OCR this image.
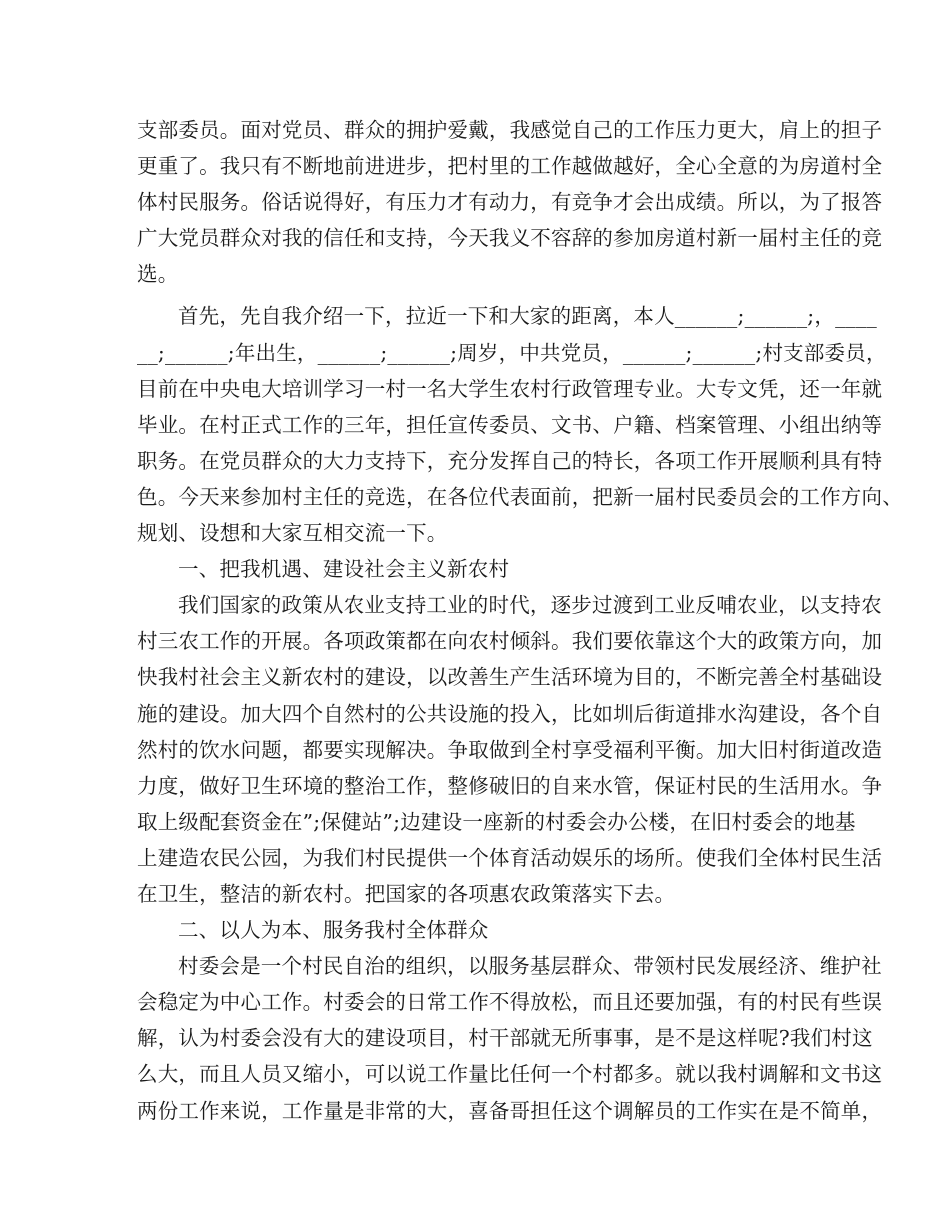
支部委员。面对党员、群众的拥护爱戴，我感觉自己的工作压力更大，肩上的担子
更重了。我只有不断地前进进步，把村里的工作越做越好，全心全意的为房道村全
体村民服务。俗话说得好，有压力才有动力，有竞争才会出成绩。所以，为了报答
广大党员群众对我的信任和支持，今天我义不容辞的参加房道村新一届村主任的竞
选。
首先，先自我介绍一下，拉近一下和大家的距离，本人______;______;，____
__;______;年出生，______;______;周岁，中共党员，______;______;村支部委员，
目前在中央电大培训学习一村一名大学生农村行政管理专业。大专文凭，还一年就
毕业。在村正式工作的三年，担任宣传委员、文书、户籍、档案管理、小组出纳等
职务。在党员群众的大力支持下，充分发挥自己的特长，各项工作开展顺利具有特
色。今天来参加村主任的竞选，在各位代表面前，把新一届村民委员会的工作方向、
规划、设想和大家互相交流一下。
一、把我机遇、建设社会主义新农村
我们国家的政策从农业支持工业的时代，逐步过渡到工业反哺农业，以支持农
村三农工作的开展。各项政策都在向农村倾斜。我们要依靠这个大的政策方向，加
快我村社会主义新农村的建设，以改善生产生活环境为目的，不断完善全村基础设
施的建设。加大四个自然村的公共设施的投入，比如圳后街道排水沟建设，各个自
然村的饮水问题，都要实现解决。争取做到全村享受福利平衡。加大旧村街道改造
力度，做好卫生环境的整治工作，整修破旧的自来水管，保证村民的生活用水。争
取上级配套资金在”;保健站”;边建设一座新的村委会办公楼，在旧村委会的地基
上建造农民公园，为我们村民提供一个体育活动娱乐的场所。使我们全体村民生活
在卫生，整洁的新农村。把国家的各项惠农政策落实下去。
二、以人为本、服务我村全体群众
村委会是一个村民自治的组织，以服务基层群众、带领村民发展经济、维护社
会稳定为中心工作。村委会的日常工作不得放松，而且还要加强，有的村民有些误
解，认为村委会没有大的建设项目，村干部就无所事事，是不是这样呢?我们村这
么大，而且人员又缩小，可以说工作量比任何一个村都多。就以我村调解和文书这
两份工作来说，工作量是非常的大，喜备哥担任这个调解员的工作实在是不简单，
